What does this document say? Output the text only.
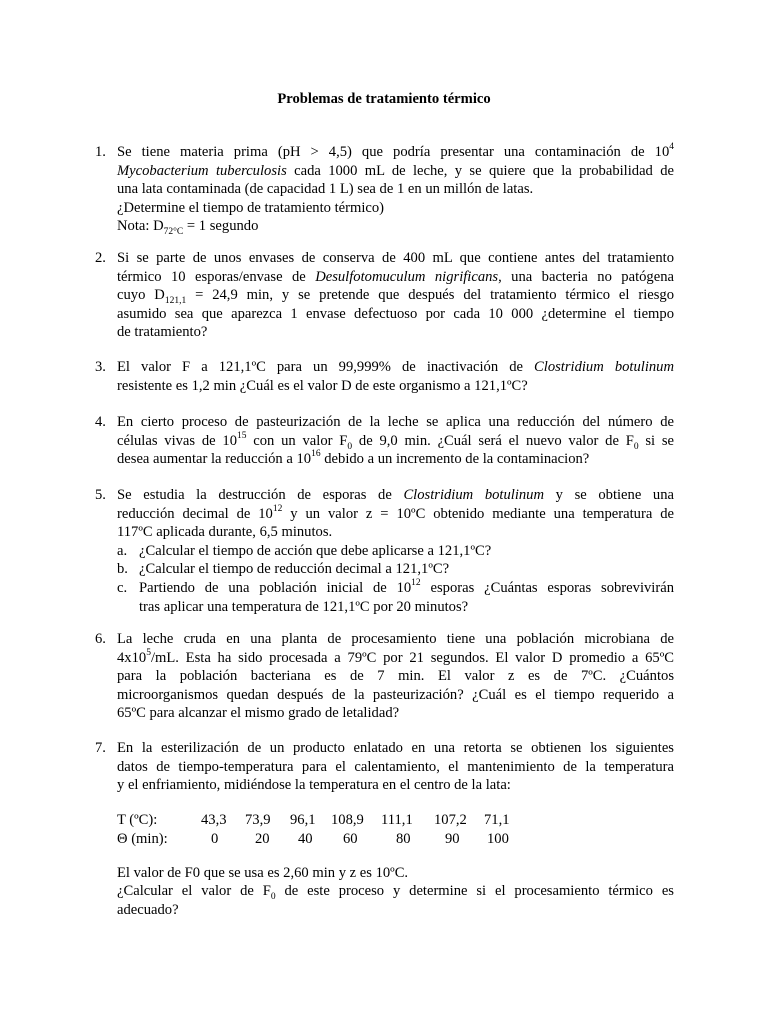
Problemas de tratamiento térmico
1. Se tiene materia prima (pH > 4,5) que podría presentar una contaminación de $10^4$
Mycobacterium tuberculosis cada 1000 mL de leche, y se quiere que la probabilidad de
una lata contaminada (de capacidad 1 L) sea de 1 en un millón de latas.
¿Determine el tiempo de tratamiento térmico)
Nota: $D_{72^\circ C} = 1$ segundo
2. Si se parte de unos envases de conserva de 400 mL que contiene antes del tratamiento
térmico 10 esporas/envase de Desulfotomuculum nigrificans, una bacteria no patógena
cuyo $D_{121,1} = 24,9$ min, y se pretende que después del tratamiento térmico el riesgo
asumido sea que aparezca 1 envase defectuoso por cada 10 000 ¿determine el tiempo
de tratamiento?
3. El valor F a 121,1ºC para un 99,999% de inactivación de Clostridium botulinum
resistente es 1,2 min ¿Cuál es el valor D de este organismo a 121,1ºC?
4. En cierto proceso de pasteurización de la leche se aplica una reducción del número de
células vivas de $10^{15}$ con un valor $F_0$ de 9,0 min. ¿Cuál será el nuevo valor de $F_0$ si se
desea aumentar la reducción a $10^{16}$ debido a un incremento de la contaminacion?
5. Se estudia la destrucción de esporas de Clostridium botulinum y se obtiene una
reducción decimal de $10^{12}$ y un valor z = 10ºC obtenido mediante una temperatura de
117ºC aplicada durante, 6,5 minutos.
a. ¿Calcular el tiempo de acción que debe aplicarse a 121,1ºC?
b. ¿Calcular el tiempo de reducción decimal a 121,1ºC?
c. Partiendo de una población inicial de $10^{12}$ esporas ¿Cuántas esporas sobrevivirán
tras aplicar una temperatura de 121,1ºC por 20 minutos?
6. La leche cruda en una planta de procesamiento tiene una población microbiana de
$4x10^5/mL$. Esta ha sido procesada a 79ºC por 21 segundos. El valor D promedio a 65ºC
para la población bacteriana es de 7 min. El valor z es de 7ºC. ¿Cuántos
microorganismos quedan después de la pasteurización? ¿Cuál es el tiempo requerido a
65ºC para alcanzar el mismo grado de letalidad?
7. En la esterilización de un producto enlatado en una retorta se obtienen los siguientes
datos de tiempo-temperatura para el calentamiento, el mantenimiento de la temperatura
y el enfriamiento, midiéndose la temperatura en el centro de la lata:
T (ºC):	43,3 73,9 96,1 108,9 111,1 107,2 71,1
Θ (min):	0	20 40 60	80 90 100
El valor de F0 que se usa es 2,60 min y z es 10ºC.
¿Calcular el valor de $F_0$ de este proceso y determine si el procesamiento térmico es
adecuado?
